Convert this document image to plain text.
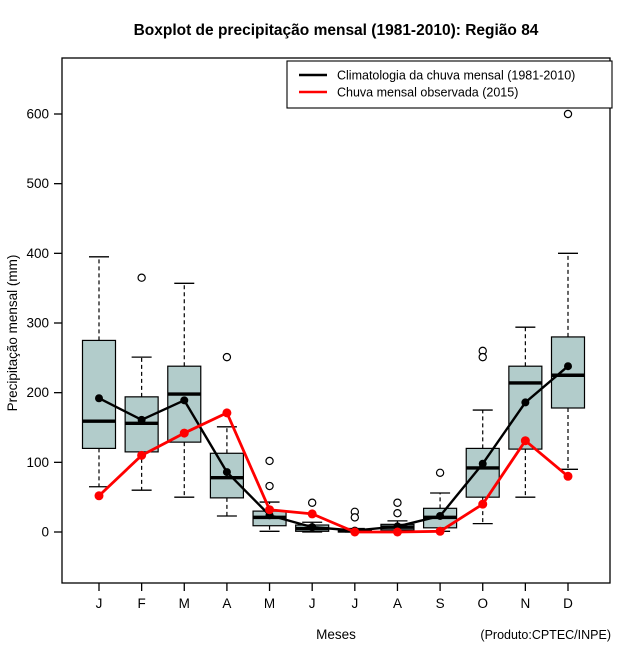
0
100
200
300
400
500
600
J	F M A M J	J	A S O N D
Climatologia da chuva mensal (1981-2010)
Chuva mensal observada (2015)
Boxplot de precipitação mensal (1981-2010): Região 84
Precipitação mensal (mm)
Meses	(Produto:CPTEC/INPE)
